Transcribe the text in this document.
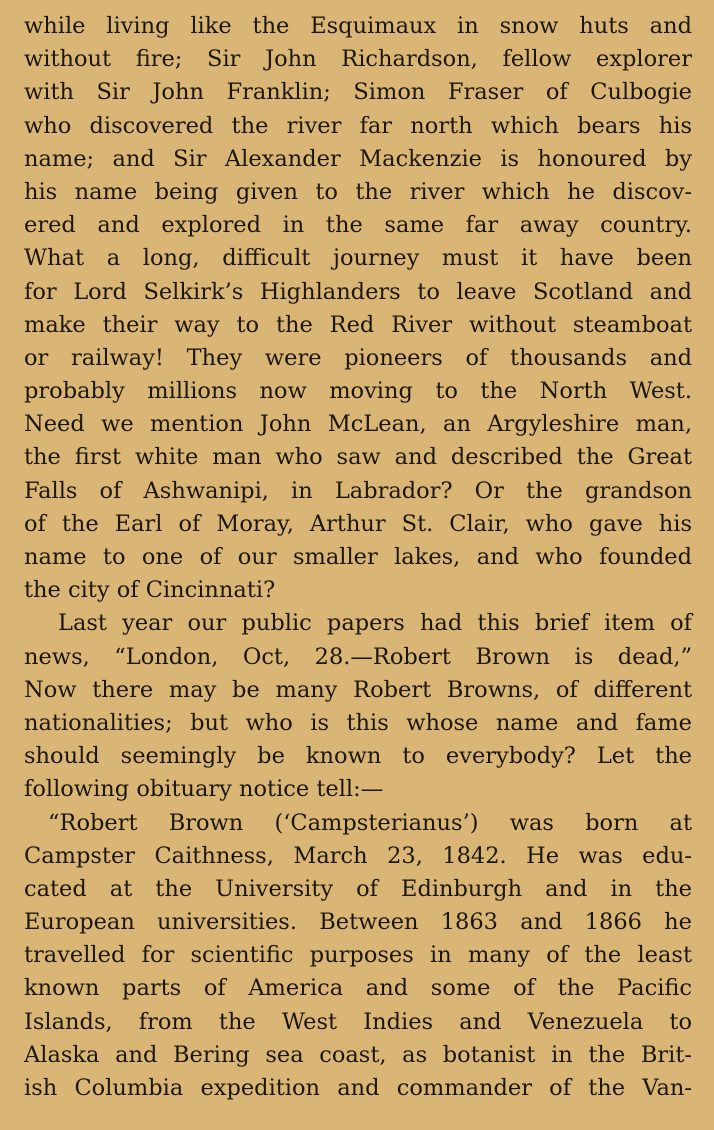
while living like the Esquimaux in snow huts and
without fire; Sir John Richardson, fellow explorer
with Sir John Franklin; Simon Fraser of Culbogie
who discovered the river far north which bears his
name; and Sir Alexander Mackenzie is honoured by
his name being given to the river which he discov-
ered and explored in the same far away country.
What a long, difficult journey must it have been
for Lord Selkirk’s Highlanders to leave Scotland and
make their way to the Red River without steamboat
or railway! They were pioneers of thousands and
probably millions now moving to the North West.
Need we mention John McLean, an Argyleshire man,
the first white man who saw and described the Great
Falls of Ashwanipi, in Labrador? Or the grandson
of the Earl of Moray, Arthur St. Clair, who gave his
name to one of our smaller lakes, and who founded
the city of Cincinnati?
Last year our public papers had this brief item of
news, “London, Oct, 28.—Robert Brown is dead,”
Now there may be many Robert Browns, of different
nationalities; but who is this whose name and fame
should seemingly be known to everybody? Let the
following obituary notice tell:—
“Robert Brown (‘Campsterianus’) was born at
Campster Caithness, March 23, 1842. He was edu-
cated at the University of Edinburgh and in the
European universities. Between 1863 and 1866 he
travelled for scientific purposes in many of the least
known parts of America and some of the Pacific
Islands, from the West Indies and Venezuela to
Alaska and Bering sea coast, as botanist in the Brit-
ish Columbia expedition and commander of the Van-
